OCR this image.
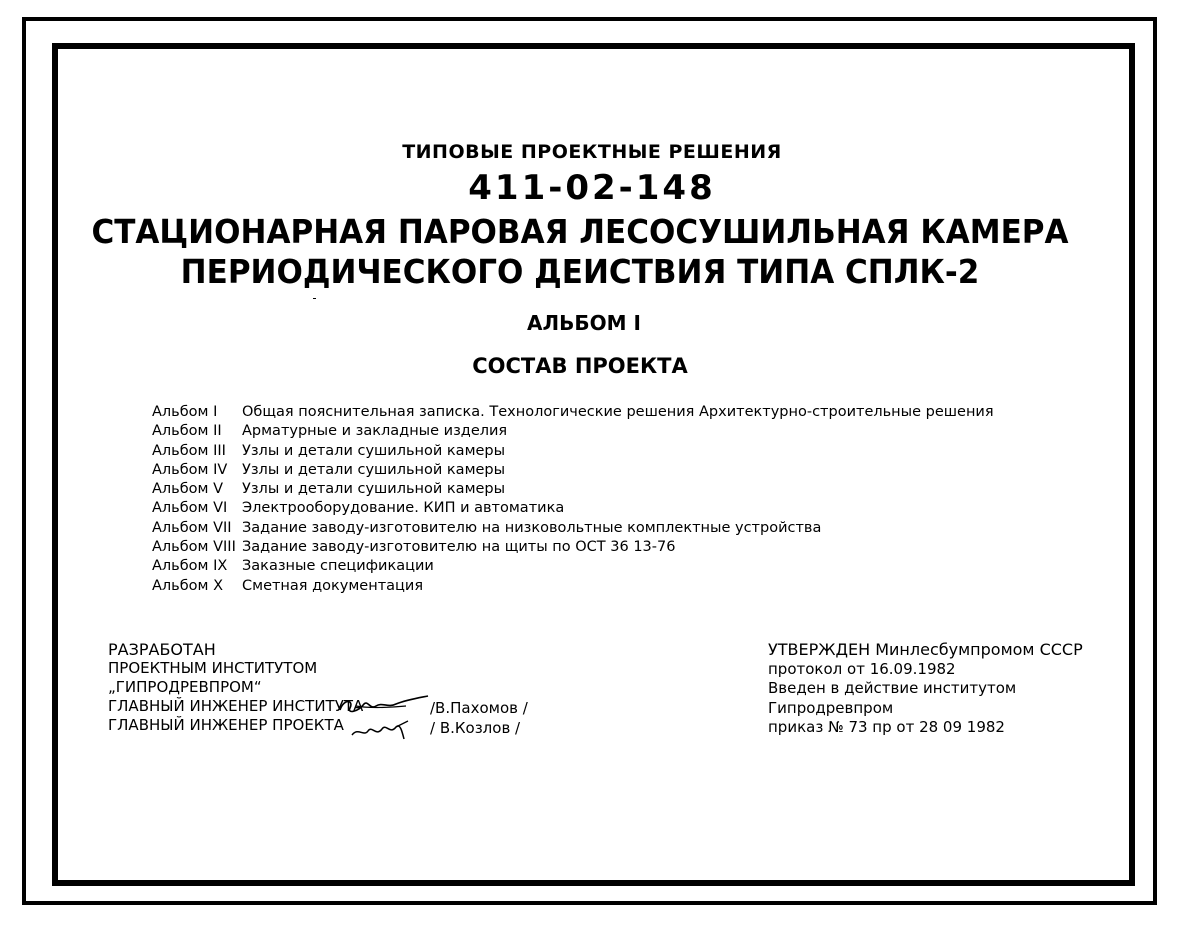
ТИПОВЫЕ ПРОЕКТНЫЕ РЕШЕНИЯ
411-02-148
СТАЦИОНАРНАЯ ПАРОВАЯ ЛЕСОСУШИЛЬНАЯ КАМЕРА
ПЕРИОДИЧЕСКОГО ДЕИСТВИЯ ТИПА СПЛК-2
АЛЬБОМ I
СОСТАВ ПРОЕКТА
Альбом I	Общая пояснительная записка. Технологические решения Архитектурно-строительные решения
Альбом II	Арматурные и закладные изделия
Альбом III	Узлы и детали сушильной камеры
Альбом IV	Узлы и детали сушильной камеры
Альбом V	Узлы и детали сушильной камеры
Альбом VI	Электрооборудование. КИП и автоматика
Альбом VII Задание заводу-изготовителю на низковольтные комплектные устройства
Альбом VIII Задание заводу-изготовителю на щиты по ОСТ 36 13-76
Альбом IX	Заказные спецификации
Альбом X	Сметная документация
РАЗРАБОТАН
ПРОЕКТНЫМ ИНСТИТУТОМ
„ГИПРОДРЕВПРОМ“
ГЛАВНЫЙ ИНЖЕНЕР ИНСТИТУТА
ГЛАВНЫЙ ИНЖЕНЕР ПРОЕКТА
/В.Пахомов /
/ В.Козлов /
УТВЕРЖДЕН Минлесбумпромом СССР
протокол от 16.09.1982
Введен в действие институтом
Гипродревпром
приказ № 73 пр от 28 09 1982
